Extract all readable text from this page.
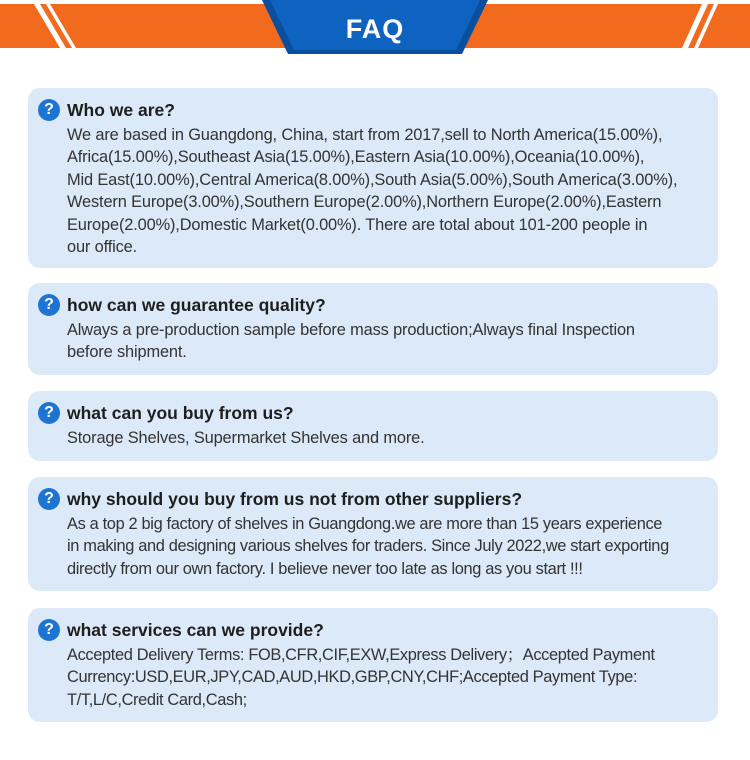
FAQ
? Who we are?
We are based in Guangdong, China, start from 2017,sell to North America(15.00%),
Africa(15.00%),Southeast Asia(15.00%),Eastern Asia(10.00%),Oceania(10.00%),
Mid East(10.00%),Central America(8.00%),South Asia(5.00%),South America(3.00%),
Western Europe(3.00%),Southern Europe(2.00%),Northern Europe(2.00%),Eastern
Europe(2.00%),Domestic Market(0.00%). There are total about 101-200 people in
our office.
? how can we guarantee quality?
Always a pre-production sample before mass production;Always final Inspection
before shipment.
? what can you buy from us?
Storage Shelves, Supermarket Shelves and more.
? why should you buy from us not from other suppliers?
As a top 2 big factory of shelves in Guangdong.we are more than 15 years experience
in making and designing various shelves for traders. Since July 2022,we start exporting
directly from our own factory. I believe never too late as long as you start !!!
? what services can we provide?
Accepted Delivery Terms: FOB,CFR,CIF,EXW,Express Delivery；Accepted Payment
Currency:USD,EUR,JPY,CAD,AUD,HKD,GBP,CNY,CHF;Accepted Payment Type:
T/T,L/C,Credit Card,Cash;
